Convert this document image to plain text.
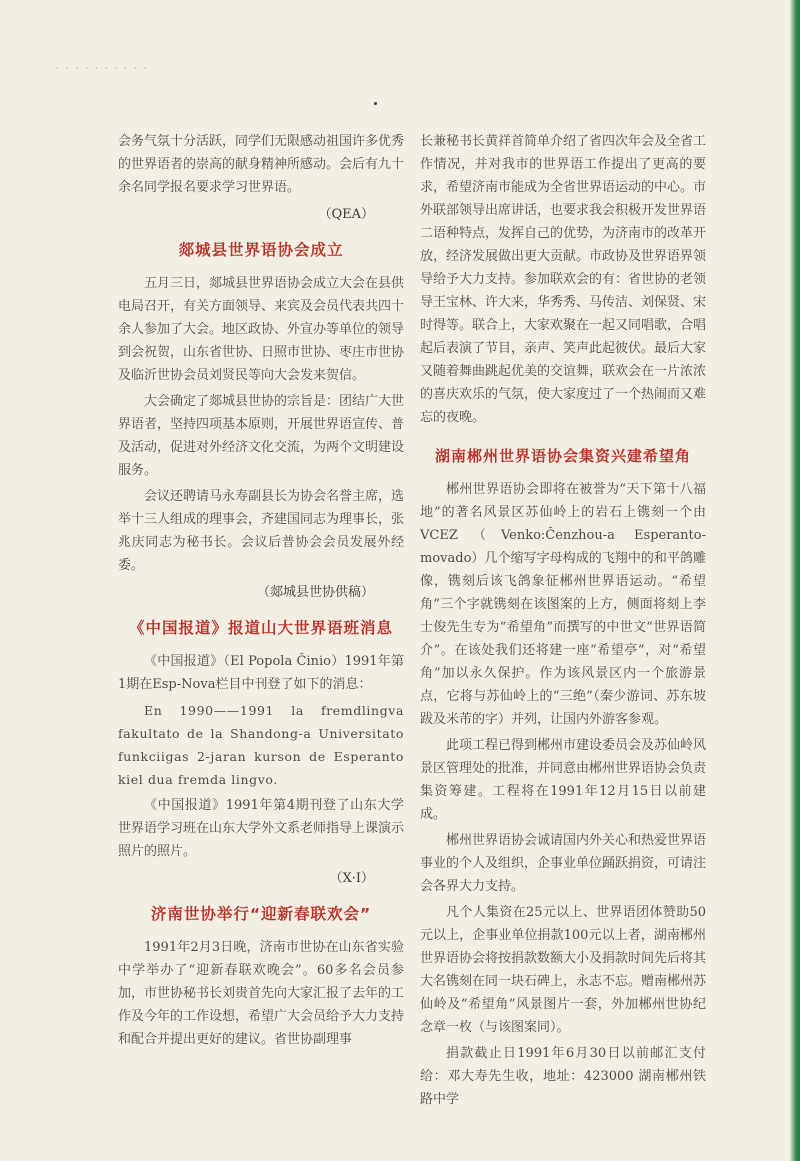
· · · · · · · · · ·

会务气氛十分活跃，同学们无限感动祖国许多优秀的世界语者的崇高的献身精神所感动。会后有九十余名同学报名要求学习世界语。

（QEA）
郯城县世界语协会成立

五月三日，郯城县世界语协会成立大会在县供电局召开，有关方面领导、来宾及会员代表共四十余人参加了大会。地区政协、外宣办等单位的领导到会祝贺，山东省世协、日照市世协、枣庄市世协及临沂世协会员刘贤民等向大会发来贺信。

大会确定了郯城县世协的宗旨是：团结广大世界语者，坚持四项基本原则，开展世界语宣传、普及活动，促进对外经济文化交流，为两个文明建设服务。

会议还聘请马永寿副县长为协会名誉主席，选举十三人组成的理事会，齐建国同志为理事长，张兆庆同志为秘书长。会议后普协会会员发展外经委。

（郯城县世协供稿）
《中国报道》报道山大世界语班消息

《中国报道》（El Popola Ĉinio）1991年第1期在Esp-Nova栏目中刊登了如下的消息：

En 1990——1991 la fremdlingva fakultato de la Shandong-a Universitato funkciigas 2-jaran kurson de Esperanto kiel dua fremda lingvo.

《中国报道》1991年第4期刊登了山东大学世界语学习班在山东大学外文系老师指导上课演示照片的照片。

（X·I）
济南世协举行“迎新春联欢会”

1991年2月3日晚，济南市世协在山东省实验中学举办了“迎新春联欢晚会”。60多名会员参加，市世协秘书长刘贵首先向大家汇报了去年的工作及今年的工作设想，希望广大会员给予大力支持和配合并提出更好的建议。省世协副理事

长兼秘书长黄祥首简单介绍了省四次年会及全省工作情况，并对我市的世界语工作提出了更高的要求，希望济南市能成为全省世界语运动的中心。市外联部领导出席讲话，也要求我会积极开发世界语二语种特点，发挥自己的优势，为济南市的改革开放，经济发展做出更大贡献。市政协及世界语界领导给予大力支持。参加联欢会的有：省世协的老领导王宝林、许大来，华秀秀、马传洁、刘保贤、宋时得等。联合上，大家欢聚在一起又同唱歌，合唱起后表演了节目，亲声、笑声此起彼伏。最后大家又随着舞曲跳起优美的交谊舞，联欢会在一片浓浓的喜庆欢乐的气氛，使大家度过了一个热闹而又难忘的夜晚。

湖南郴州世界语协会集资兴建希望角

郴州世界语协会即将在被誉为“天下第十八福地”的著名风景区苏仙岭上的岩石上镌刻一个由 VCEZ（Venko:Ĉenzhou-a Esperanto-movado）几个缩写字母构成的飞翔中的和平鸽雕像，镌刻后该飞鸽象征郴州世界语运动。“希望角”三个字就镌刻在该图案的上方，侧面将刻上李士俊先生专为“希望角”而撰写的中世文“世界语简介”。在该处我们还将建一座“希望亭”，对“希望角”加以永久保护。作为该风景区内一个旅游景点，它将与苏仙岭上的“三绝”（秦少游词、苏东坡跋及米芾的字）并列，让国内外游客参观。

此项工程已得到郴州市建设委员会及苏仙岭风景区管理处的批准，并同意由郴州世界语协会负责集资筹建。工程将在1991年12月15日以前建成。

郴州世界语协会诚请国内外关心和热爱世界语事业的个人及组织，企事业单位踊跃捐资，可请注会各界大力支持。

凡个人集资在25元以上、世界语团体赞助50元以上，企事业单位捐款100元以上者，湖南郴州世界语协会将按捐款数额大小及捐款时间先后将其大名镌刻在同一块石碑上，永志不忘。赠南郴州苏仙岭及“希望角”风景图片一套，外加郴州世协纪念章一枚（与该图案同）。

捐款截止日1991年6月30日以前邮汇支付给：邓大寿先生收，地址：423000 湖南郴州铁路中学
